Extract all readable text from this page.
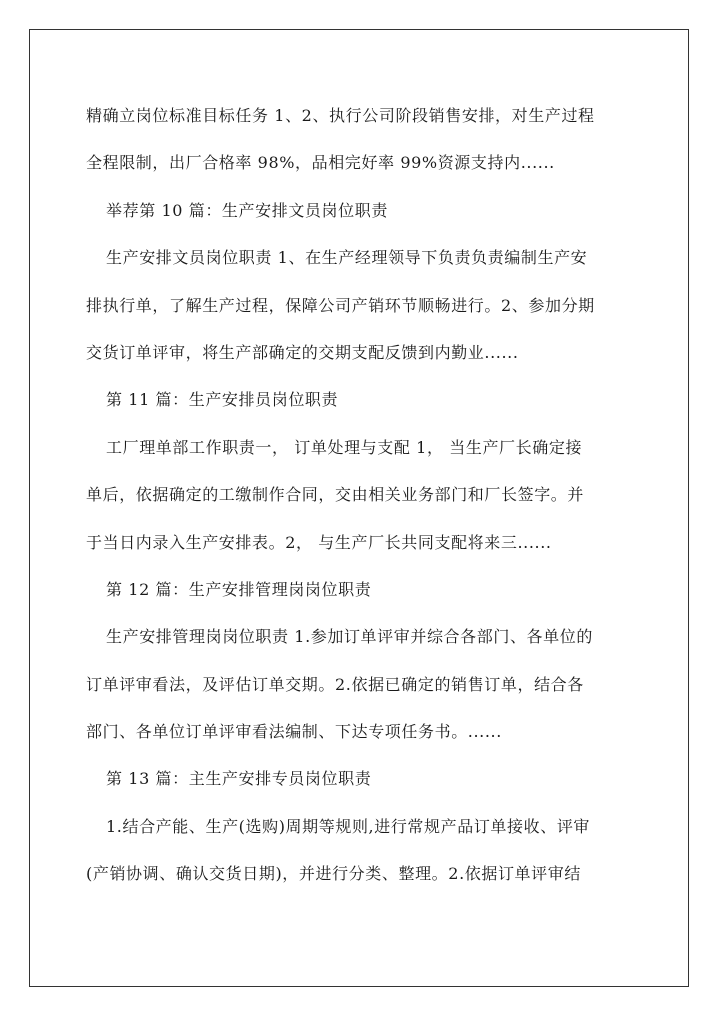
精确立岗位标准目标任务 1、2、执行公司阶段销售安排，对生产过程
全程限制，出厂合格率 98%，品相完好率 99%资源支持内......
举荐第 10 篇：生产安排文员岗位职责
生产安排文员岗位职责 1、在生产经理领导下负责负责编制生产安
排执行单，了解生产过程，保障公司产销环节顺畅进行。2、参加分期
交货订单评审，将生产部确定的交期支配反馈到内勤业......
第 11 篇：生产安排员岗位职责
工厂理单部工作职责一， 订单处理与支配 1， 当生产厂长确定接
单后，依据确定的工缴制作合同，交由相关业务部门和厂长签字。并
于当日内录入生产安排表。2， 与生产厂长共同支配将来三......
第 12 篇：生产安排管理岗岗位职责
生产安排管理岗岗位职责 1.参加订单评审并综合各部门、各单位的
订单评审看法，及评估订单交期。2.依据已确定的销售订单，结合各
部门、各单位订单评审看法编制、下达专项任务书。......
第 13 篇：主生产安排专员岗位职责
1.结合产能、生产(选购)周期等规则,进行常规产品订单接收、评审
(产销协调、确认交货日期)，并进行分类、整理。2.依据订单评审结
